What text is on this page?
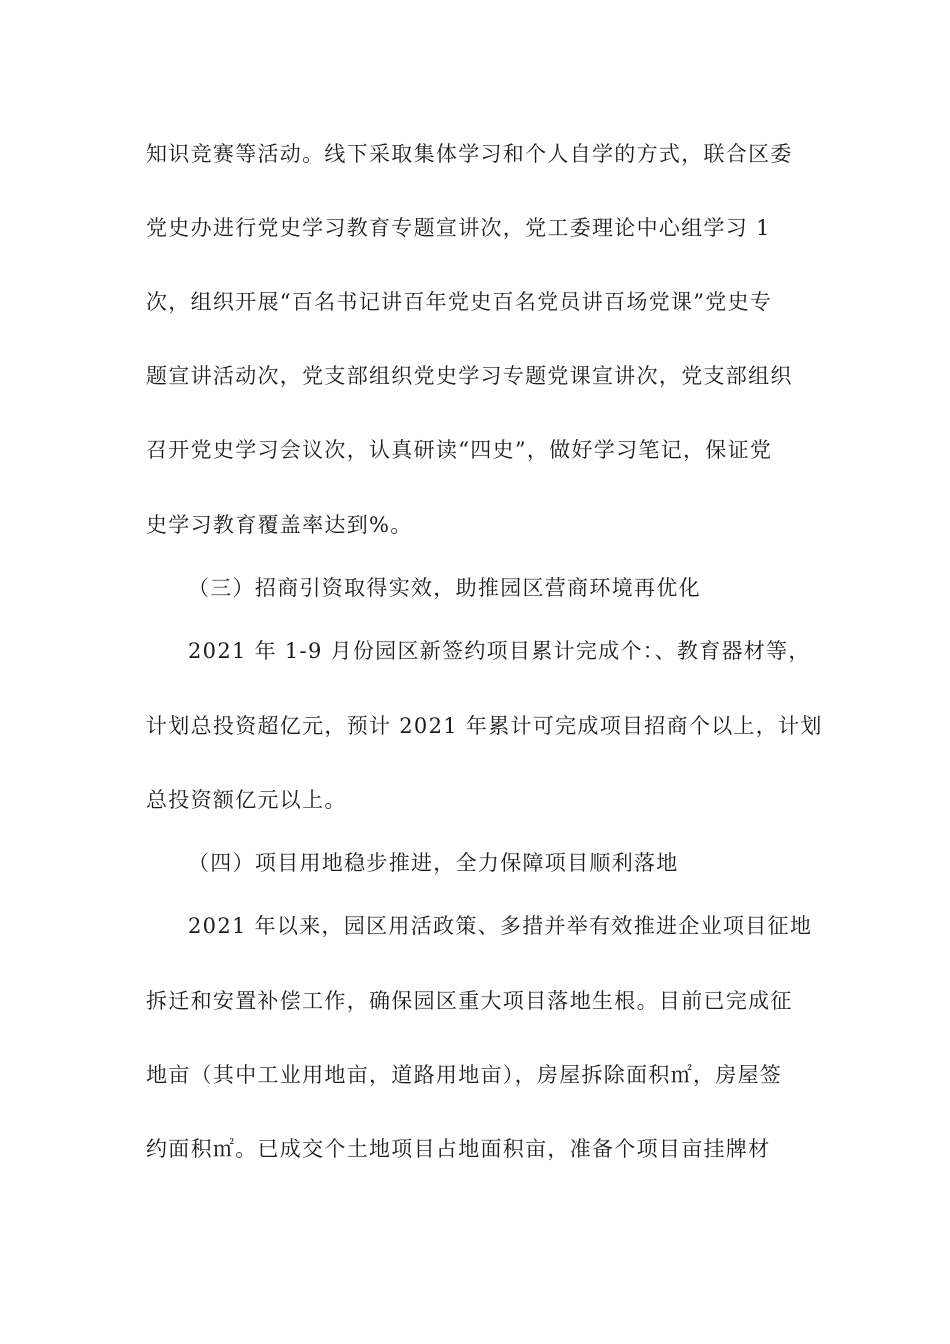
知识竞赛等活动。线下采取集体学习和个人自学的方式，联合区委
党史办进行党史学习教育专题宣讲次，党工委理论中心组学习 1
次，组织开展“百名书记讲百年党史百名党员讲百场党课”党史专
题宣讲活动次，党支部组织党史学习专题党课宣讲次，党支部组织
召开党史学习会议次，认真研读“四史”，做好学习笔记，保证党
史学习教育覆盖率达到%。
（三）招商引资取得实效，助推园区营商环境再优化
2021 年 1-9 月份园区新签约项目累计完成个：、教育器材等，
计划总投资超亿元，预计 2021 年累计可完成项目招商个以上，计划
总投资额亿元以上。
（四）项目用地稳步推进，全力保障项目顺利落地
2021 年以来，园区用活政策、多措并举有效推进企业项目征地
拆迁和安置补偿工作，确保园区重大项目落地生根。目前已完成征
地亩（其中工业用地亩，道路用地亩），房屋拆除面积㎡，房屋签
约面积㎡。已成交个土地项目占地面积亩，准备个项目亩挂牌材
